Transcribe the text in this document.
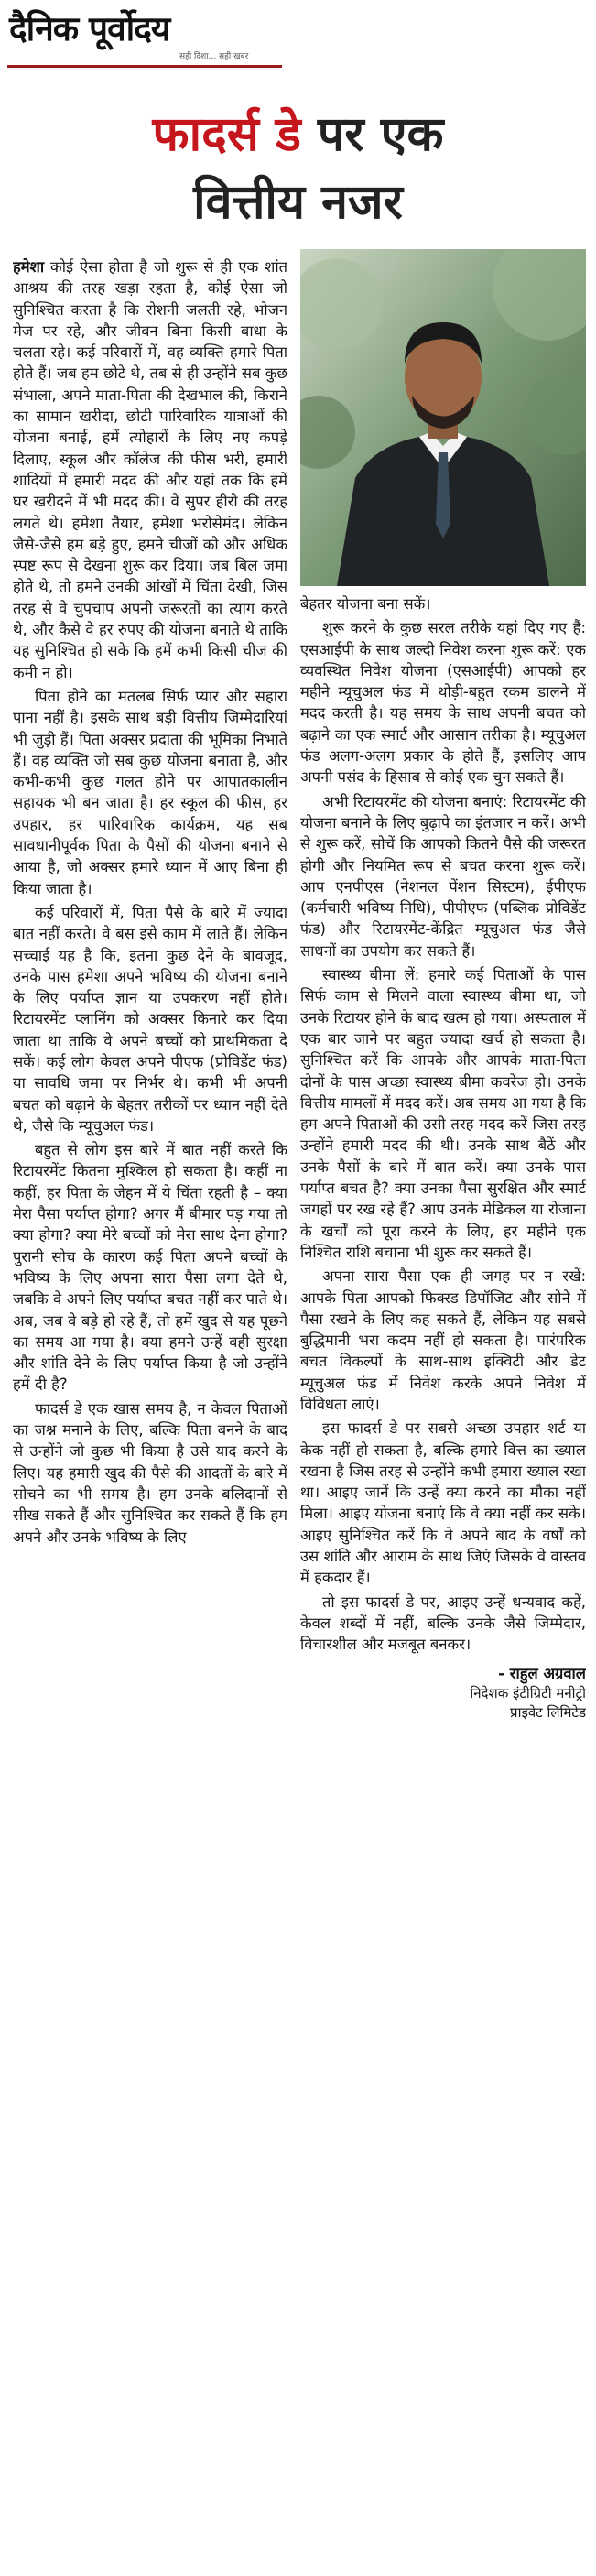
दैनिक पूर्वोदय
सही दिशा... सही खबर
फादर्स डे पर एक
वित्तीय नजर

हमेशा कोई ऐसा होता है जो शुरू से ही एक शांत आश्रय की तरह खड़ा रहता है, कोई ऐसा जो सुनिश्चित करता है कि रोशनी जलती रहे, भोजन मेज पर रहे, और जीवन बिना किसी बाधा के चलता रहे। कई परिवारों में, वह व्यक्ति हमारे पिता होते हैं। जब हम छोटे थे, तब से ही उन्होंने सब कुछ संभाला, अपने माता-पिता की देखभाल की, किराने का सामान खरीदा, छोटी पारिवारिक यात्राओं की योजना बनाई, हमें त्योहारों के लिए नए कपड़े दिलाए, स्कूल और कॉलेज की फीस भरी, हमारी शादियों में हमारी मदद की और यहां तक कि हमें घर खरीदने में भी मदद की। वे सुपर हीरो की तरह लगते थे। हमेशा तैयार, हमेशा भरोसेमंद। लेकिन जैसे-जैसे हम बड़े हुए, हमने चीजों को और अधिक स्पष्ट रूप से देखना शुरू कर दिया। जब बिल जमा होते थे, तो हमने उनकी आंखों में चिंता देखी, जिस तरह से वे चुपचाप अपनी जरूरतों का त्याग करते थे, और कैसे वे हर रुपए की योजना बनाते थे ताकि यह सुनिश्चित हो सके कि हमें कभी किसी चीज की कमी न हो।

पिता होने का मतलब सिर्फ प्यार और सहारा पाना नहीं है। इसके साथ बड़ी वित्तीय जिम्मेदारियां भी जुड़ी हैं। पिता अक्सर प्रदाता की भूमिका निभाते हैं। वह व्यक्ति जो सब कुछ योजना बनाता है, और कभी-कभी कुछ गलत होने पर आपातकालीन सहायक भी बन जाता है। हर स्कूल की फीस, हर उपहार, हर पारिवारिक कार्यक्रम, यह सब सावधानीपूर्वक पिता के पैसों की योजना बनाने से आया है, जो अक्सर हमारे ध्यान में आए बिना ही किया जाता है।

कई परिवारों में, पिता पैसे के बारे में ज्यादा बात नहीं करते। वे बस इसे काम में लाते हैं। लेकिन सच्चाई यह है कि, इतना कुछ देने के बावजूद, उनके पास हमेशा अपने भविष्य की योजना बनाने के लिए पर्याप्त ज्ञान या उपकरण नहीं होते। रिटायरमेंट प्लानिंग को अक्सर किनारे कर दिया जाता था ताकि वे अपने बच्चों को प्राथमिकता दे सकें। कई लोग केवल अपने पीएफ (प्रोविडेंट फंड) या सावधि जमा पर निर्भर थे। कभी भी अपनी बचत को बढ़ाने के बेहतर तरीकों पर ध्यान नहीं देते थे, जैसे कि म्यूचुअल फंड।

बहुत से लोग इस बारे में बात नहीं करते कि रिटायरमेंट कितना मुश्किल हो सकता है। कहीं ना कहीं, हर पिता के जेहन में ये चिंता रहती है – क्या मेरा पैसा पर्याप्त होगा? अगर मैं बीमार पड़ गया तो क्या होगा? क्या मेरे बच्चों को मेरा साथ देना होगा? पुरानी सोच के कारण कई पिता अपने बच्चों के भविष्य के लिए अपना सारा पैसा लगा देते थे, जबकि वे अपने लिए पर्याप्त बचत नहीं कर पाते थे। अब, जब वे बड़े हो रहे हैं, तो हमें खुद से यह पूछने का समय आ गया है। क्या हमने उन्हें वही सुरक्षा और शांति देने के लिए पर्याप्त किया है जो उन्होंने हमें दी है?

फादर्स डे एक खास समय है, न केवल पिताओं का जश्न मनाने के लिए, बल्कि पिता बनने के बाद से उन्होंने जो कुछ भी किया है उसे याद करने के लिए। यह हमारी खुद की पैसे की आदतों के बारे में सोचने का भी समय है। हम उनके बलिदानों से सीख सकते हैं और सुनिश्चित कर सकते हैं कि हम अपने और उनके भविष्य के लिए

बेहतर योजना बना सकें।

शुरू करने के कुछ सरल तरीके यहां दिए गए हैं: एसआईपी के साथ जल्दी निवेश करना शुरू करें: एक व्यवस्थित निवेश योजना (एसआईपी) आपको हर महीने म्यूचुअल फंड में थोड़ी-बहुत रकम डालने में मदद करती है। यह समय के साथ अपनी बचत को बढ़ाने का एक स्मार्ट और आसान तरीका है। म्यूचुअल फंड अलग-अलग प्रकार के होते हैं, इसलिए आप अपनी पसंद के हिसाब से कोई एक चुन सकते हैं।

अभी रिटायरमेंट की योजना बनाएं: रिटायरमेंट की योजना बनाने के लिए बुढ़ापे का इंतजार न करें। अभी से शुरू करें, सोचें कि आपको कितने पैसे की जरूरत होगी और नियमित रूप से बचत करना शुरू करें। आप एनपीएस (नेशनल पेंशन सिस्टम), ईपीएफ (कर्मचारी भविष्य निधि), पीपीएफ (पब्लिक प्रोविडेंट फंड) और रिटायरमेंट-केंद्रित म्यूचुअल फंड जैसे साधनों का उपयोग कर सकते हैं।

स्वास्थ्य बीमा लें: हमारे कई पिताओं के पास सिर्फ काम से मिलने वाला स्वास्थ्य बीमा था, जो उनके रिटायर होने के बाद खत्म हो गया। अस्पताल में एक बार जाने पर बहुत ज्यादा खर्च हो सकता है। सुनिश्चित करें कि आपके और आपके माता-पिता दोनों के पास अच्छा स्वास्थ्य बीमा कवरेज हो। उनके वित्तीय मामलों में मदद करें। अब समय आ गया है कि हम अपने पिताओं की उसी तरह मदद करें जिस तरह उन्होंने हमारी मदद की थी। उनके साथ बैठें और उनके पैसों के बारे में बात करें। क्या उनके पास पर्याप्त बचत है? क्या उनका पैसा सुरक्षित और स्मार्ट जगहों पर रख रहे हैं? आप उनके मेडिकल या रोजाना के खर्चों को पूरा करने के लिए, हर महीने एक निश्चित राशि बचाना भी शुरू कर सकते हैं।

अपना सारा पैसा एक ही जगह पर न रखें: आपके पिता आपको फिक्स्ड डिपॉजिट और सोने में पैसा रखने के लिए कह सकते हैं, लेकिन यह सबसे बुद्धिमानी भरा कदम नहीं हो सकता है। पारंपरिक बचत विकल्पों के साथ-साथ इक्विटी और डेट म्यूचुअल फंड में निवेश करके अपने निवेश में विविधता लाएं।

इस फादर्स डे पर सबसे अच्छा उपहार शर्ट या केक नहीं हो सकता है, बल्कि हमारे वित्त का ख्याल रखना है जिस तरह से उन्होंने कभी हमारा ख्याल रखा था। आइए जानें कि उन्हें क्या करने का मौका नहीं मिला। आइए योजना बनाएं कि वे क्या नहीं कर सके। आइए सुनिश्चित करें कि वे अपने बाद के वर्षों को उस शांति और आराम के साथ जिएं जिसके वे वास्तव में हकदार हैं।

तो इस फादर्स डे पर, आइए उन्हें धन्यवाद कहें, केवल शब्दों में नहीं, बल्कि उनके जैसे जिम्मेदार, विचारशील और मजबूत बनकर।

- राहुल अग्रवाल
निदेशक इंटीग्रिटी मनीट्री
प्राइवेट लिमिटेड
